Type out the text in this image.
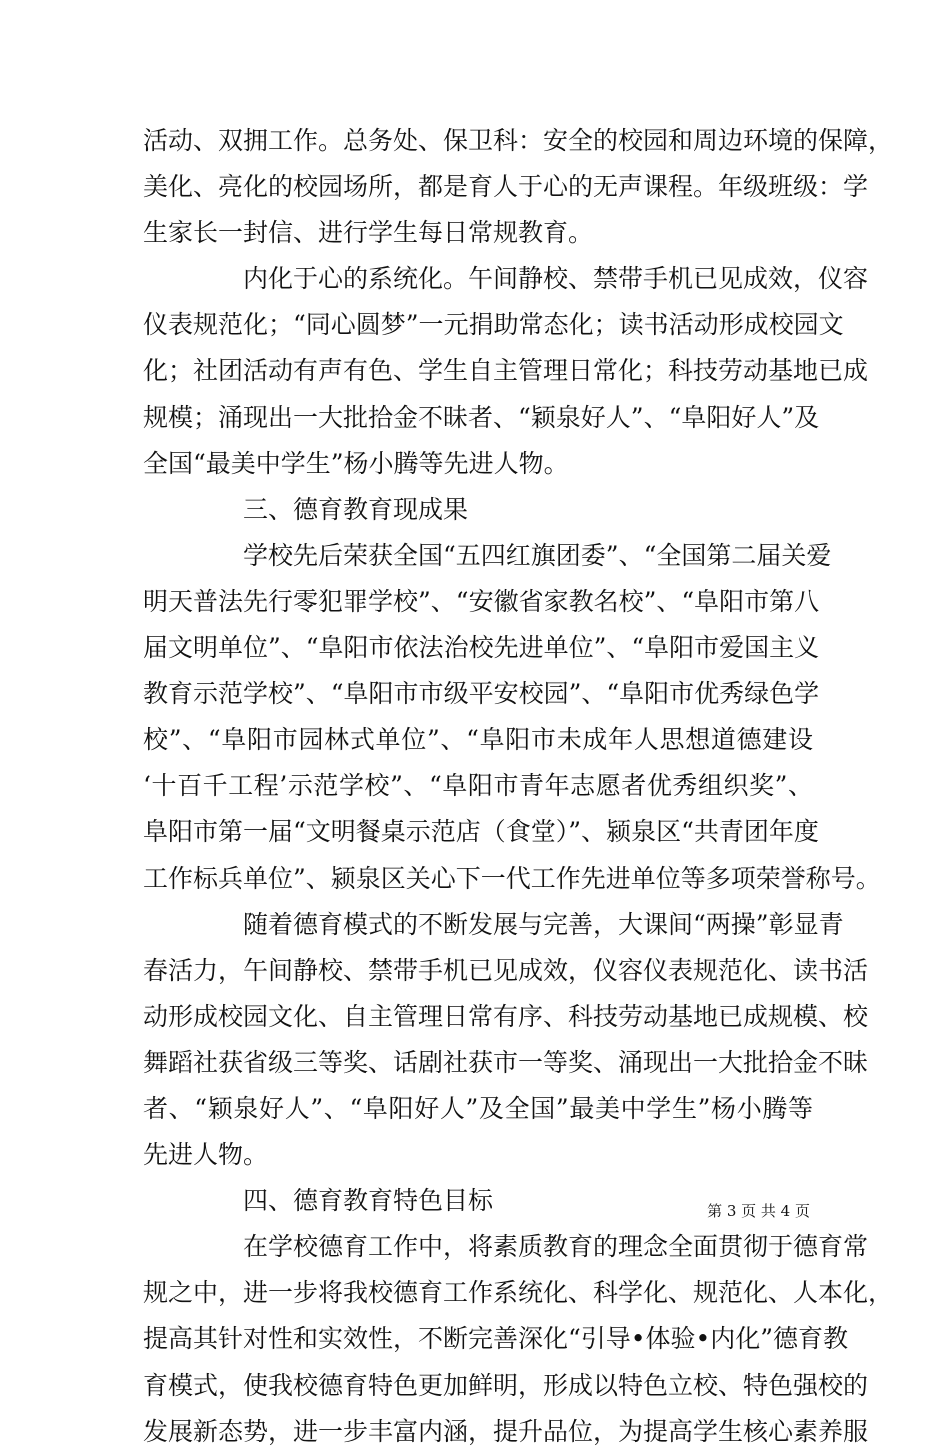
活动、双拥工作。总务处、保卫科：安全的校园和周边环境的保障，
美化、亮化的校园场所，都是育人于心的无声课程。年级班级：学
生家长一封信、进行学生每日常规教育。
内化于心的系统化。午间静校、禁带手机已见成效，仪容
仪表规范化；“同心圆梦”一元捐助常态化；读书活动形成校园文
化；社团活动有声有色、学生自主管理日常化；科技劳动基地已成
规模；涌现出一大批拾金不昧者、“颖泉好人”、“阜阳好人”及
全国“最美中学生”杨小腾等先进人物。
三、德育教育现成果
学校先后荣获全国“五四红旗团委”、“全国第二届关爱
明天普法先行零犯罪学校”、“安徽省家教名校”、“阜阳市第八
届文明单位”、“阜阳市依法治校先进单位”、“阜阳市爱国主义
教育示范学校”、“阜阳市市级平安校园”、“阜阳市优秀绿色学
校”、“阜阳市园林式单位”、“阜阳市未成年人思想道德建设
‘十百千工程’示范学校”、“阜阳市青年志愿者优秀组织奖”、
阜阳市第一届“文明餐桌示范店（食堂）”、颍泉区“共青团年度
工作标兵单位”、颍泉区关心下一代工作先进单位等多项荣誉称号。
随着德育模式的不断发展与完善，大课间“两操”彰显青
春活力，午间静校、禁带手机已见成效，仪容仪表规范化、读书活
动形成校园文化、自主管理日常有序、科技劳动基地已成规模、校
舞蹈社获省级三等奖、话剧社获市一等奖、涌现出一大批拾金不昧
者、“颖泉好人”、“阜阳好人”及全国”最美中学生”杨小腾等
先进人物。
四、德育教育特色目标
在学校德育工作中，将素质教育的理念全面贯彻于德育常
规之中，进一步将我校德育工作系统化、科学化、规范化、人本化，
提高其针对性和实效性，不断完善深化“引导•体验•内化”德育教
育模式，使我校德育特色更加鲜明，形成以特色立校、特色强校的
发展新态势，进一步丰富内涵，提升品位，为提高学生核心素养服
第 3 页 共 4 页
